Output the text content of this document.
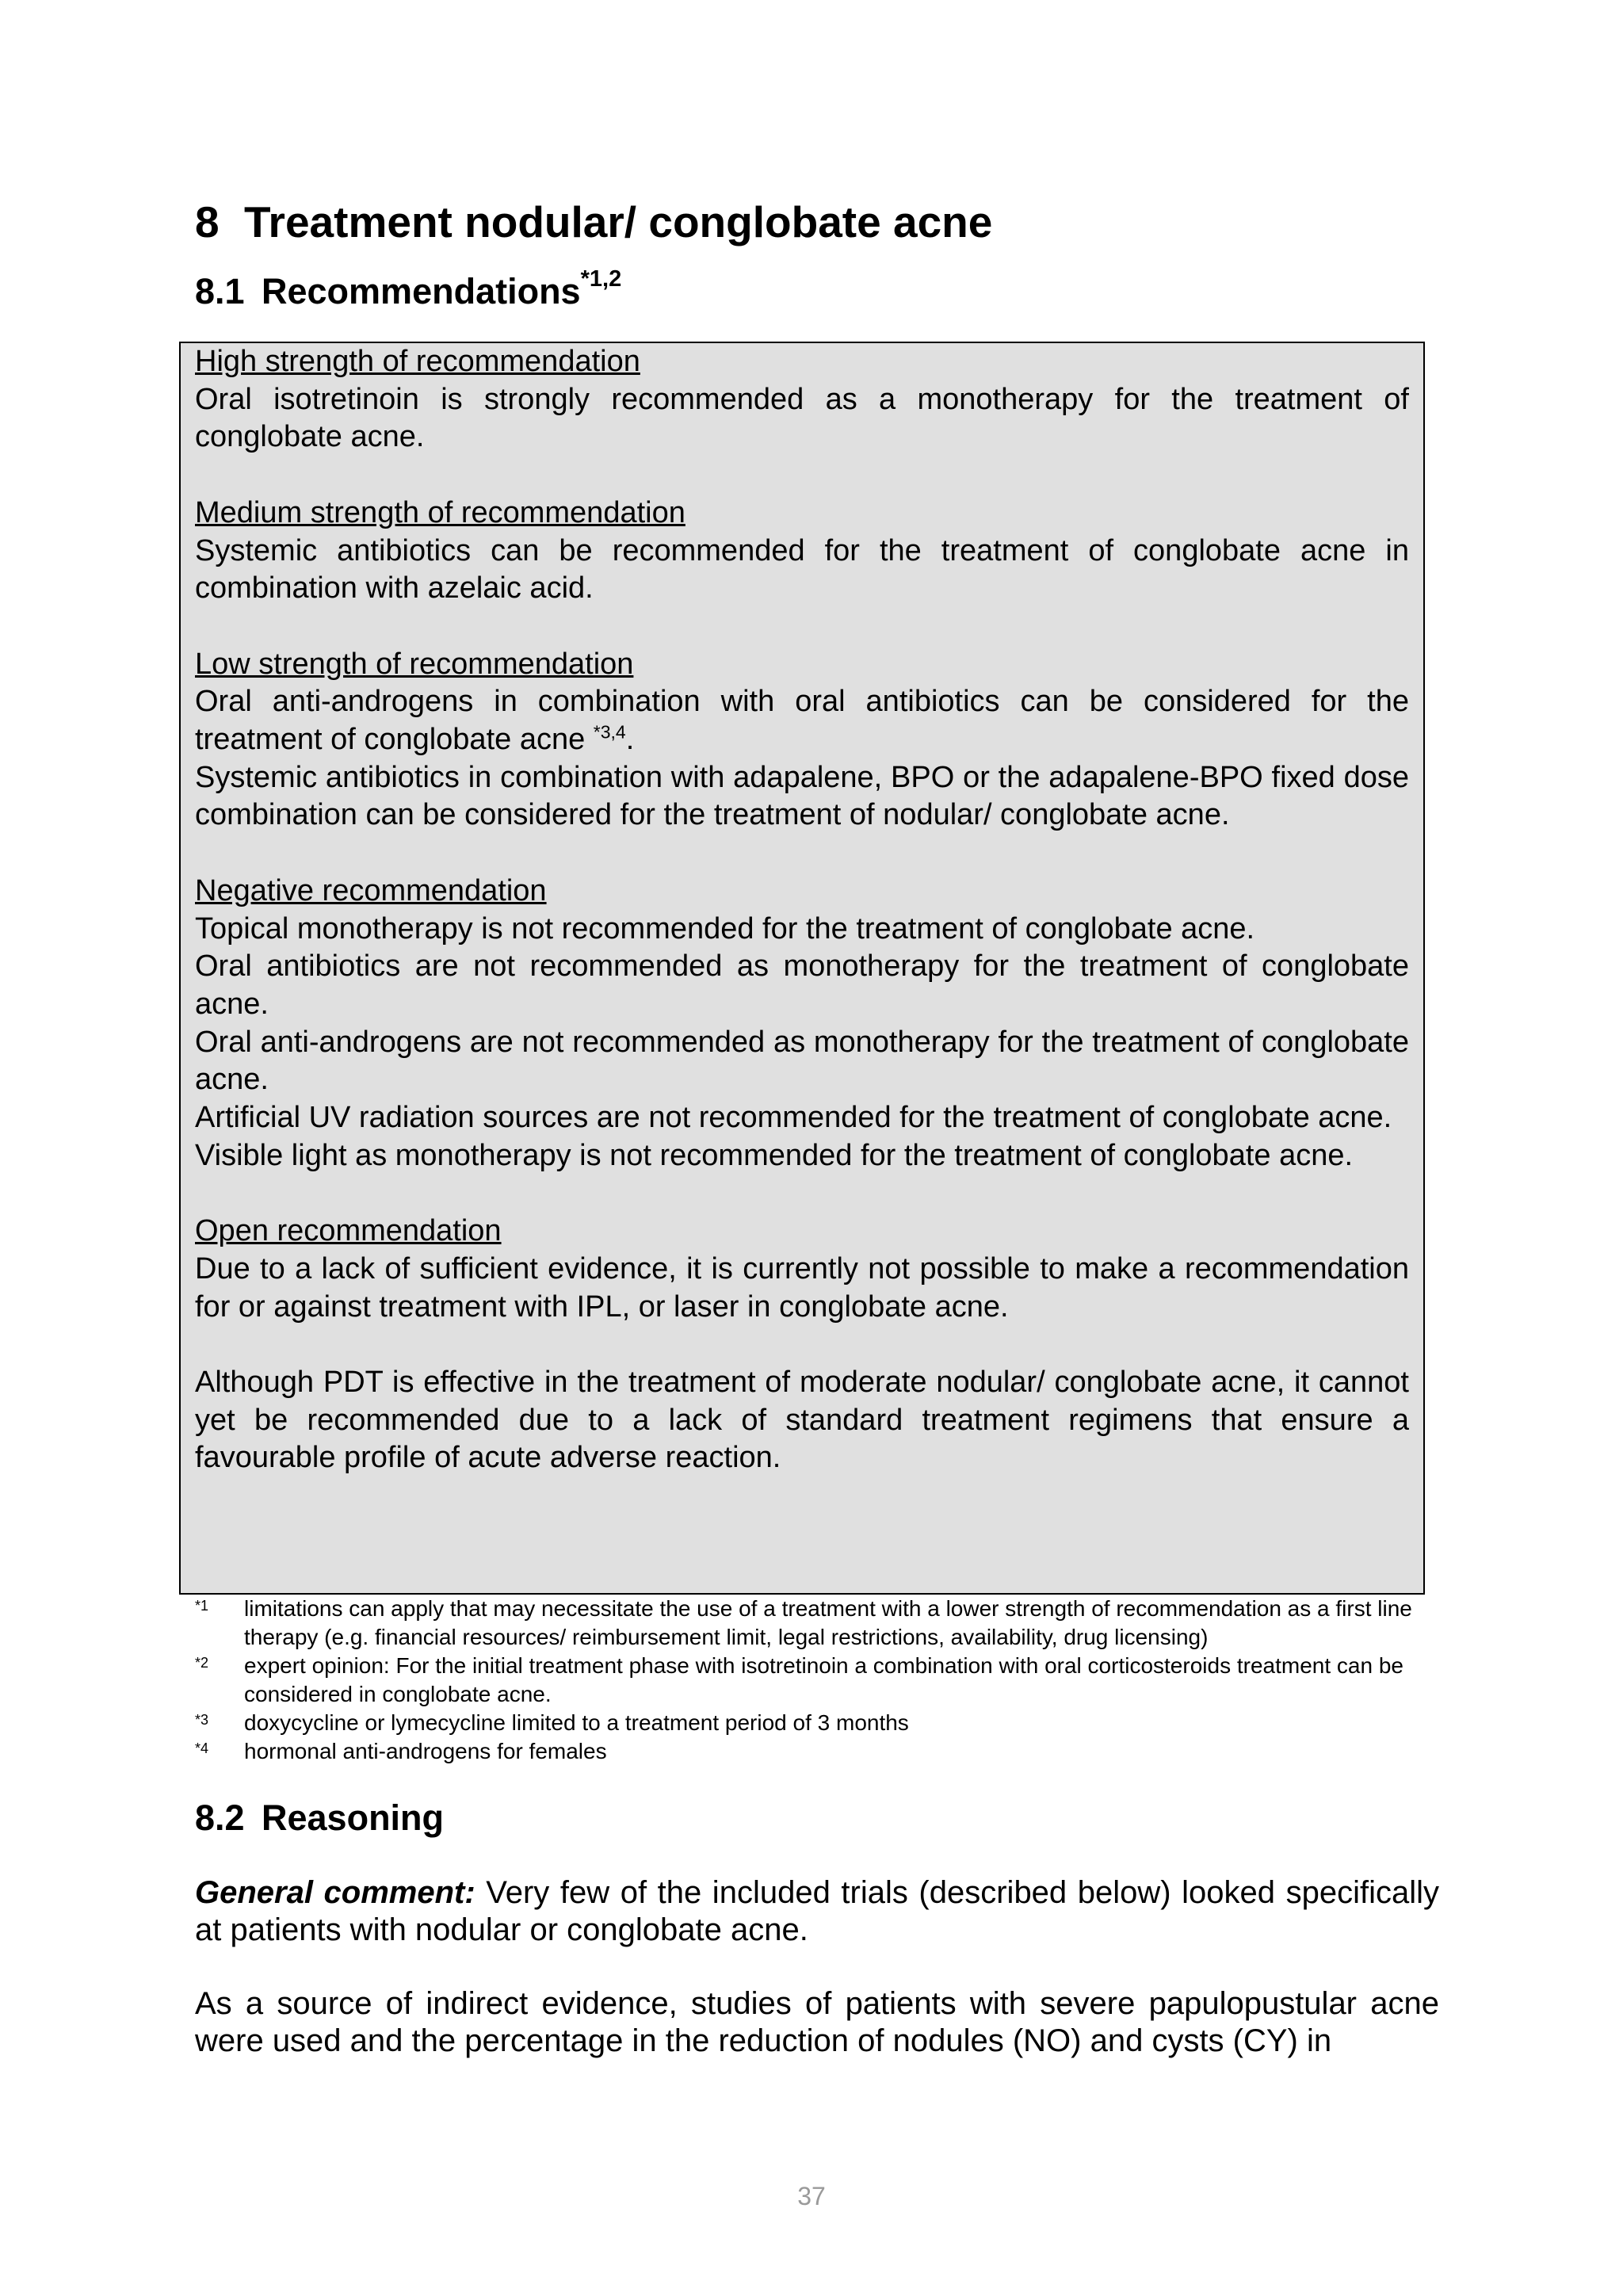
8 Treatment nodular/ conglobate acne
8.1 Recommendations$^{*1,2}$

High strength of recommendation

Oral isotretinoin is strongly recommended as a monotherapy for the treatment of conglobate acne.

Medium strength of recommendation

Systemic antibiotics can be recommended for the treatment of conglobate acne in combination with azelaic acid.

Low strength of recommendation

Oral anti-androgens in combination with oral antibiotics can be considered for the treatment of conglobate acne $^{*3,4}$.

Systemic antibiotics in combination with adapalene, BPO or the adapalene-BPO fixed dose combination can be considered for the treatment of nodular/ conglobate acne.

Negative recommendation

Topical monotherapy is not recommended for the treatment of conglobate acne.

Oral antibiotics are not recommended as monotherapy for the treatment of conglobate acne.

Oral anti-androgens are not recommended as monotherapy for the treatment of conglobate acne.

Artificial UV radiation sources are not recommended for the treatment of conglobate acne.

Visible light as monotherapy is not recommended for the treatment of conglobate acne.

Open recommendation

Due to a lack of sufficient evidence, it is currently not possible to make a recommendation for or against treatment with IPL, or laser in conglobate acne.

Although PDT is effective in the treatment of moderate nodular/ conglobate acne, it cannot yet be recommended due to a lack of standard treatment regimens that ensure a favourable profile of acute adverse reaction.

*1	limitations can apply that may necessitate the use of a treatment with a lower strength of recommendation as a first line therapy (e.g. financial resources/ reimbursement limit, legal restrictions, availability, drug licensing)
*2	expert opinion: For the initial treatment phase with isotretinoin a combination with oral corticosteroids treatment can be considered in conglobate acne.
*3	doxycycline or lymecycline limited to a treatment period of 3 months
*4	hormonal anti-androgens for females
8.2 Reasoning

General comment: Very few of the included trials (described below) looked specifically at patients with nodular or conglobate acne.

As a source of indirect evidence, studies of patients with severe papulopustular acne were used and the percentage in the reduction of nodules (NO) and cysts (CY) in

37
